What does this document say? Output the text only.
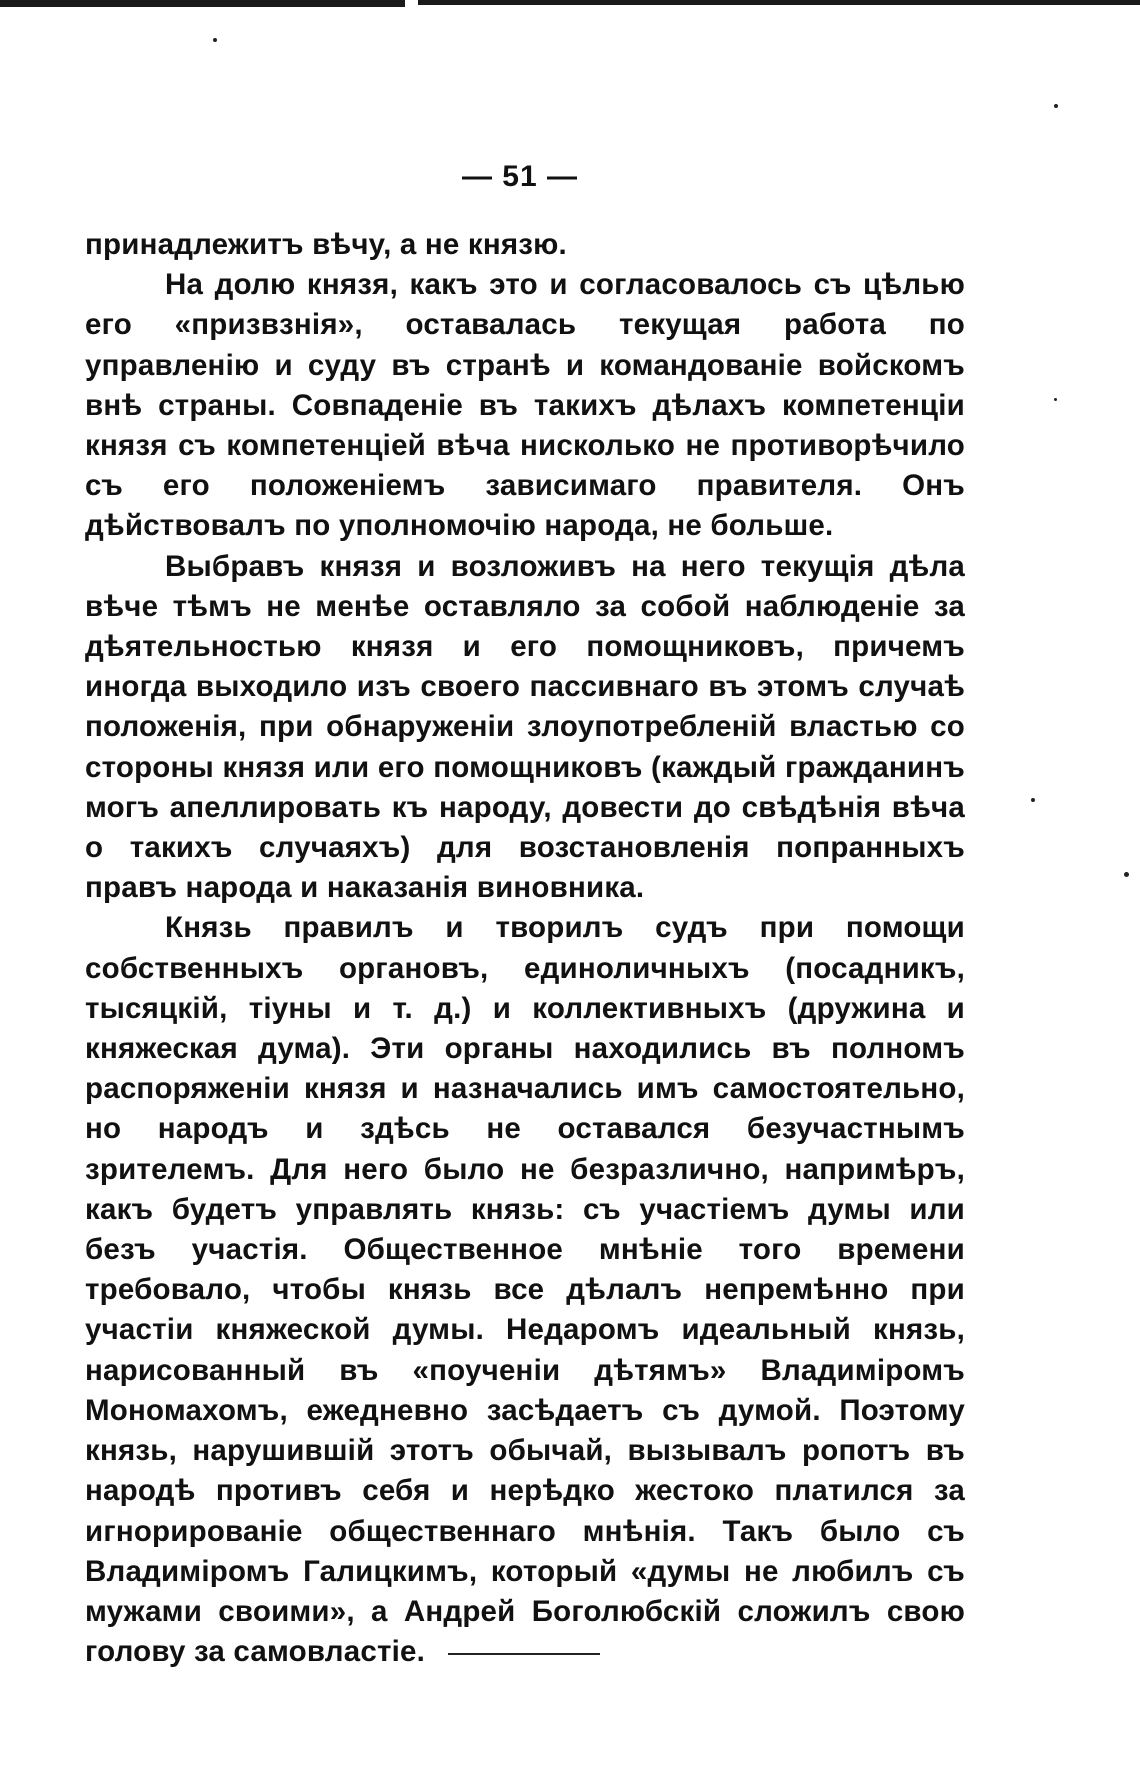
— 51 —

принадлежитъ вѣчу, а не князю.

На долю князя, какъ это и согласовалось съ цѣлью его «призвзнія», оставалась текущая работа по управленію и суду въ странѣ и командованіе войскомъ внѣ страны. Совпаденіе въ такихъ дѣлахъ компетенціи князя съ компетенціей вѣча нисколько не противорѣчило съ его положеніемъ зависимаго правителя. Онъ дѣйствовалъ по уполномочію народа, не больше.

Выбравъ князя и возложивъ на него текущія дѣла вѣче тѣмъ не менѣе оставляло за собой наблюденіе за дѣятельностью князя и его помощниковъ, причемъ иногда выходило изъ своего пассивнаго въ этомъ случаѣ положенія, при обнаруженіи злоупотребленій властью со стороны князя или его помощниковъ (каждый гражданинъ могъ апеллировать къ народу, довести до свѣдѣнія вѣча о такихъ случаяхъ) для возстановленія попранныхъ правъ народа и наказанія виновника.

Князь правилъ и творилъ судъ при помощи собственныхъ органовъ, единоличныхъ (посадникъ, тысяцкій, тіуны и т. д.) и коллективныхъ (дружина и княжеская дума). Эти органы находились въ полномъ распоряженіи князя и назначались имъ самостоятельно, но народъ и здѣсь не оставался безучастнымъ зрителемъ. Для него было не безразлично, напримѣръ, какъ будетъ управлять князь: съ участіемъ думы или безъ участія. Общественное мнѣніе того времени требовало, чтобы князь все дѣлалъ непремѣнно при участіи княжеской думы. Недаромъ идеальный князь, нарисованный въ «поученіи дѣтямъ» Владиміромъ Мономахомъ, ежедневно засѣдаетъ съ думой. Поэтому князь, нарушившій этотъ обычай, вызывалъ ропотъ въ народѣ противъ себя и нерѣдко жестоко платился за игнорированіе общественнаго мнѣнія. Такъ было съ Владиміромъ Галицкимъ, который «думы не любилъ съ мужами своими», а Андрей Боголюбскій сложилъ свою голову за самовластіе.
